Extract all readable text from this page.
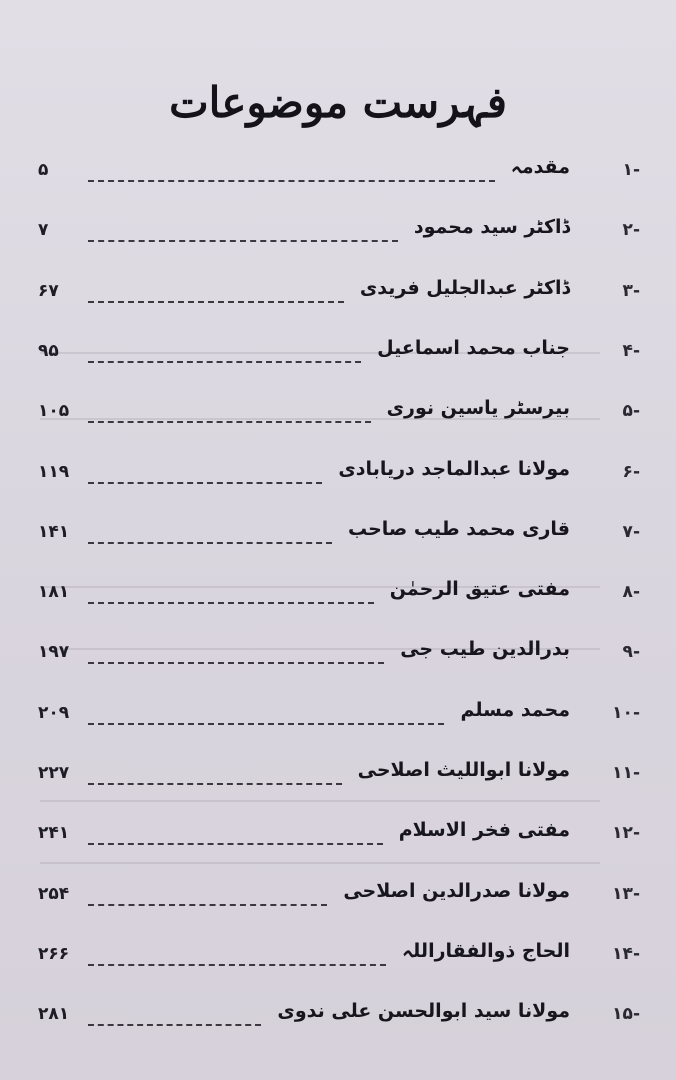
فہرست موضوعات
-۱
مقدمہ
۵
-۲
ڈاکٹر سید محمود
۷
-۳
ڈاکٹر عبدالجلیل فریدی
۶۷
-۴
جناب محمد اسماعیل
۹۵
-۵
بیرسٹر یاسین نوری
۱۰۵
-۶
مولانا عبدالماجد دریابادی
۱۱۹
-۷
قاری محمد طیب صاحب
۱۴۱
-۸
مفتی عتیق الرحمٰن
۱۸۱
-۹
بدرالدین طیب جی
۱۹۷
-۱۰
محمد مسلم
۲۰۹
-۱۱
مولانا ابوالليث اصلاحی
۲۲۷
-۱۲
مفتی فخر الاسلام
۲۴۱
-۱۳
مولانا صدرالدین اصلاحی
۲۵۴
-۱۴
الحاج ذوالفقاراللہ
۲۶۶
-۱۵
مولانا سید ابوالحسن علی ندوی
۲۸۱
